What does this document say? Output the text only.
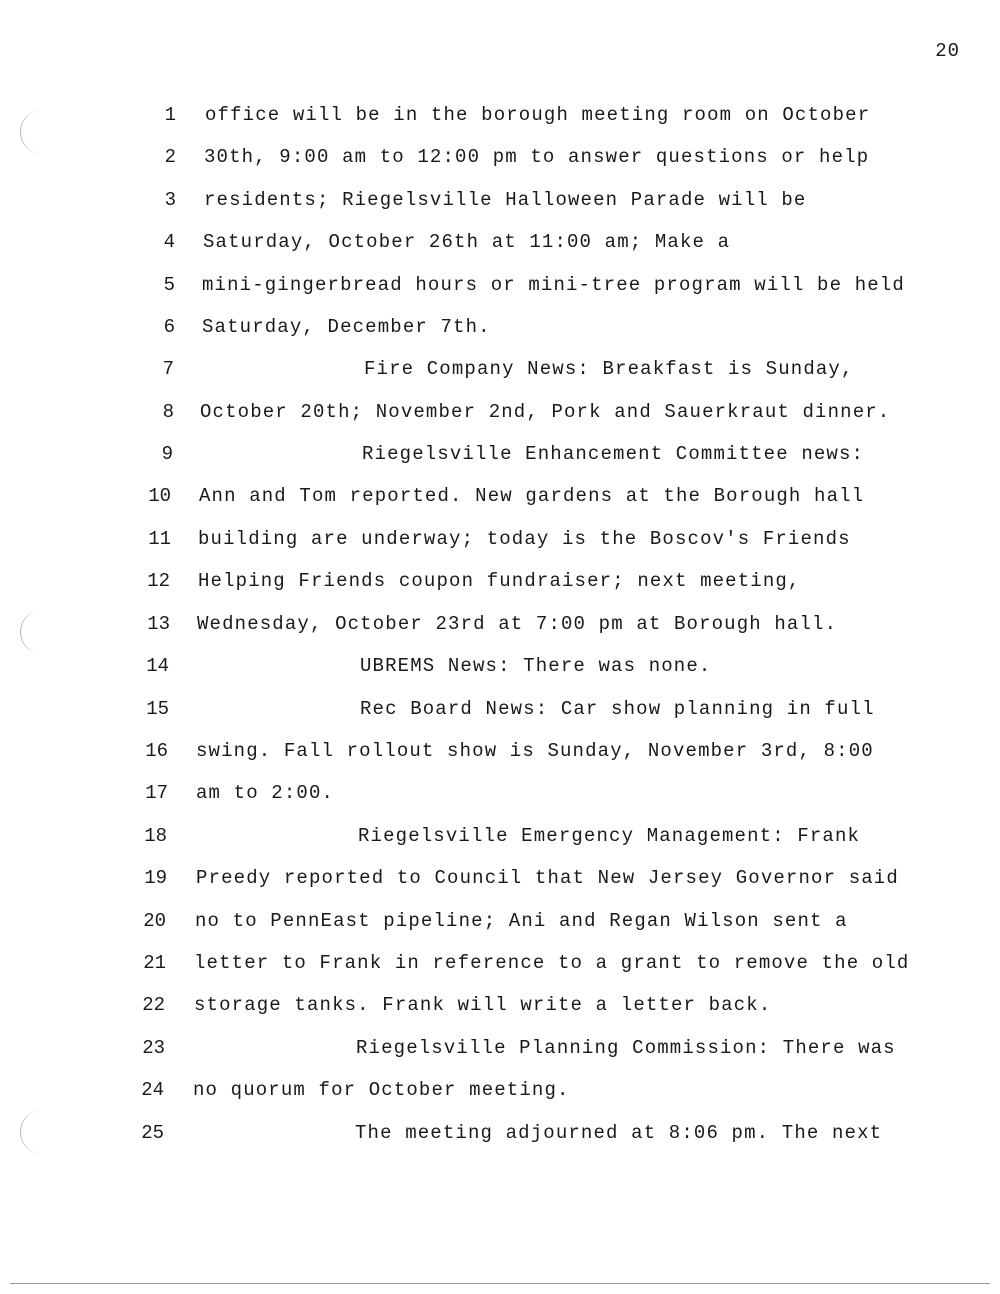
20
1 office will be in the borough meeting room on October
2 30th, 9:00 am to 12:00 pm to answer questions or help
3 residents; Riegelsville Halloween Parade will be
4 Saturday, October 26th at 11:00 am; Make a
5 mini-gingerbread hours or mini-tree program will be held
6 Saturday, December 7th.
7	Fire Company News: Breakfast is Sunday,
8 October 20th; November 2nd, Pork and Sauerkraut dinner.
9	Riegelsville Enhancement Committee news:
10 Ann and Tom reported. New gardens at the Borough hall
11 building are underway; today is the Boscov's Friends
12 Helping Friends coupon fundraiser; next meeting,
13 Wednesday, October 23rd at 7:00 pm at Borough hall.
14	UBREMS News: There was none.
15	Rec Board News: Car show planning in full
16 swing. Fall rollout show is Sunday, November 3rd, 8:00
17 am to 2:00.
18	Riegelsville Emergency Management: Frank
19 Preedy reported to Council that New Jersey Governor said
20 no to PennEast pipeline; Ani and Regan Wilson sent a
21 letter to Frank in reference to a grant to remove the old
22 storage tanks. Frank will write a letter back.
23	Riegelsville Planning Commission: There was
24 no quorum for October meeting.
25	The meeting adjourned at 8:06 pm. The next
